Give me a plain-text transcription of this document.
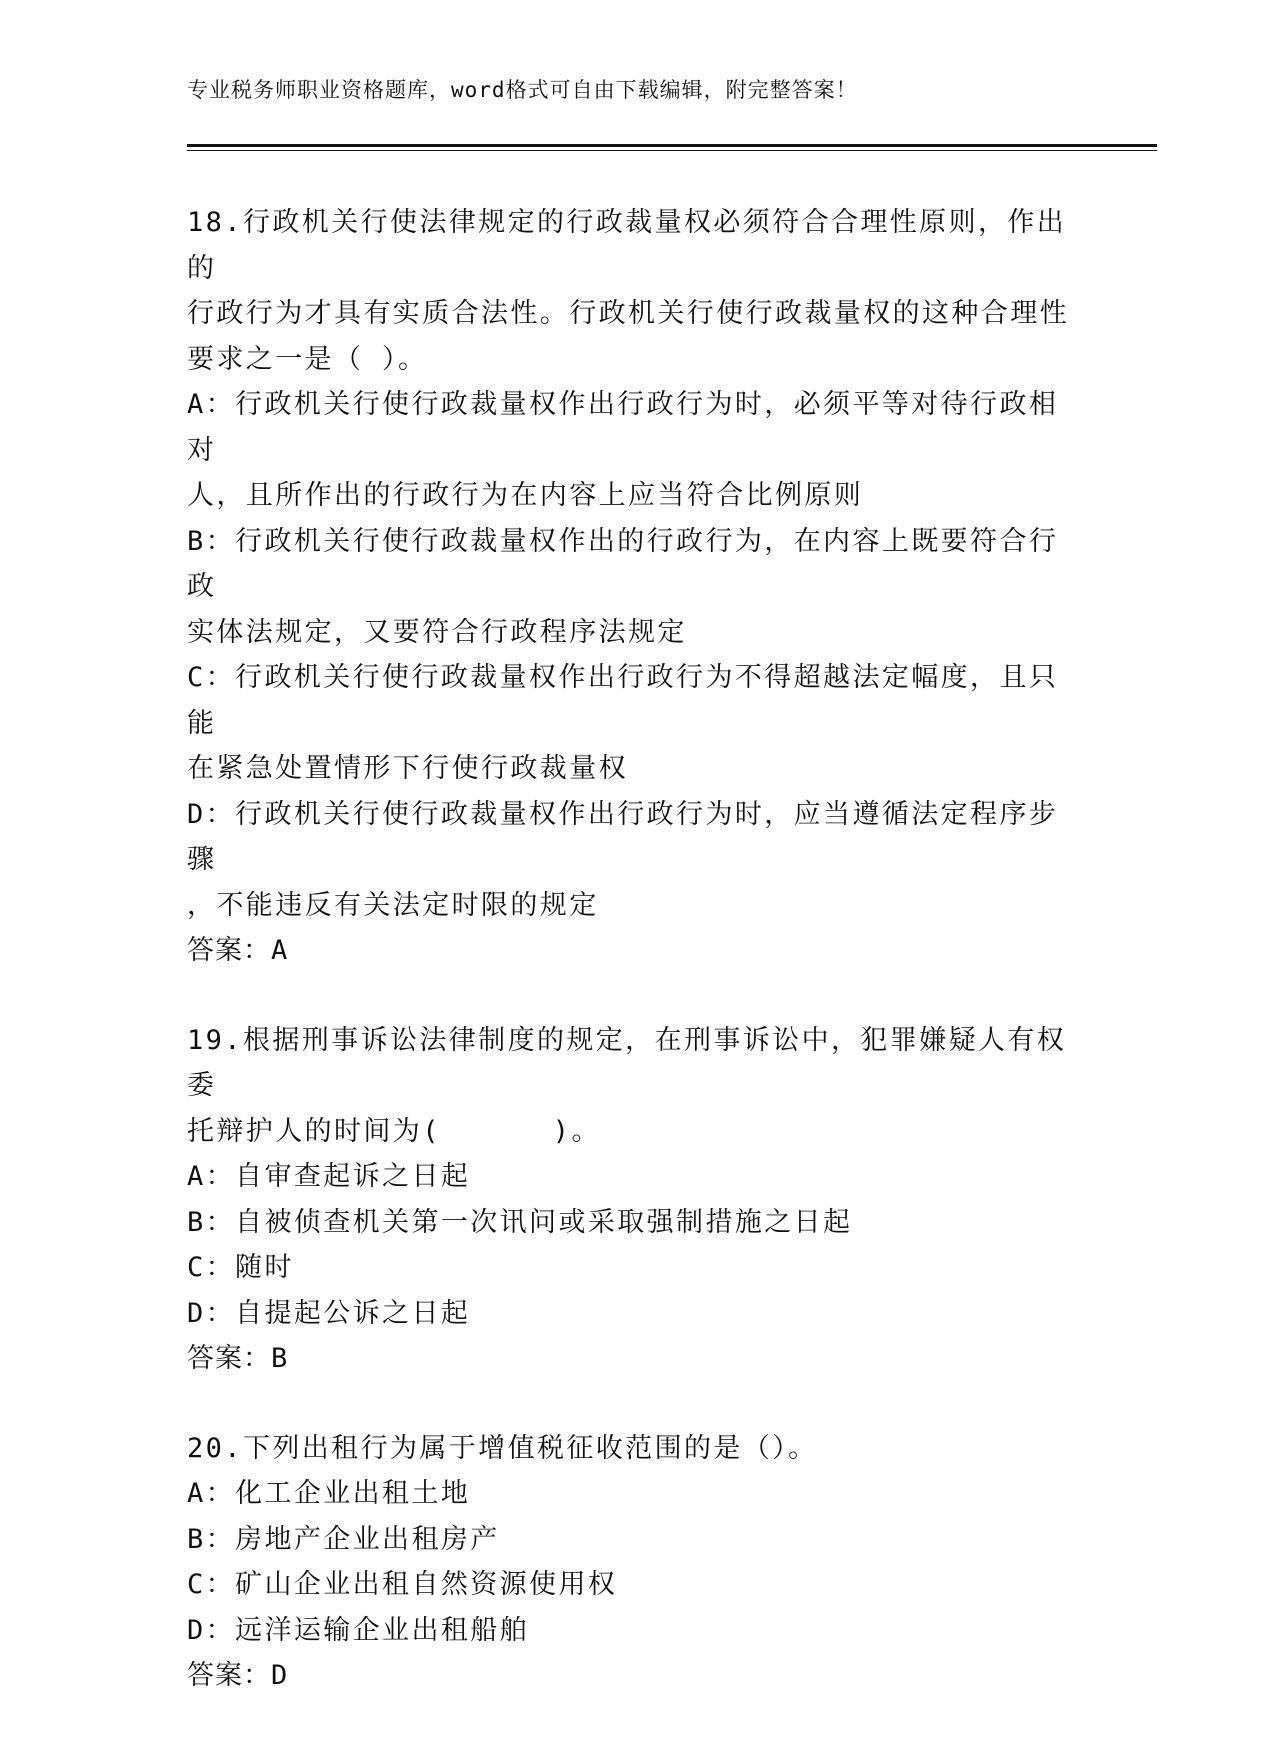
专业税务师职业资格题库，word格式可自由下载编辑，附完整答案！
18.行政机关行使法律规定的行政裁量权必须符合合理性原则，作出的
行政行为才具有实质合法性。行政机关行使行政裁量权的这种合理性
要求之一是（ ）。
A：行政机关行使行政裁量权作出行政行为时，必须平等对待行政相对
人，且所作出的行政行为在内容上应当符合比例原则
B：行政机关行使行政裁量权作出的行政行为，在内容上既要符合行政
实体法规定，又要符合行政程序法规定
C：行政机关行使行政裁量权作出行政行为不得超越法定幅度，且只能
在紧急处置情形下行使行政裁量权
D：行政机关行使行政裁量权作出行政行为时，应当遵循法定程序步骤
，不能违反有关法定时限的规定
答案：A
19.根据刑事诉讼法律制度的规定，在刑事诉讼中，犯罪嫌疑人有权委
托辩护人的时间为(      )。
A：自审查起诉之日起
B：自被侦查机关第一次讯问或采取强制措施之日起
C：随时
D：自提起公诉之日起
答案：B
20.下列出租行为属于增值税征收范围的是（）。
A：化工企业出租土地
B：房地产企业出租房产
C：矿山企业出租自然资源使用权
D：远洋运输企业出租船舶
答案：D
